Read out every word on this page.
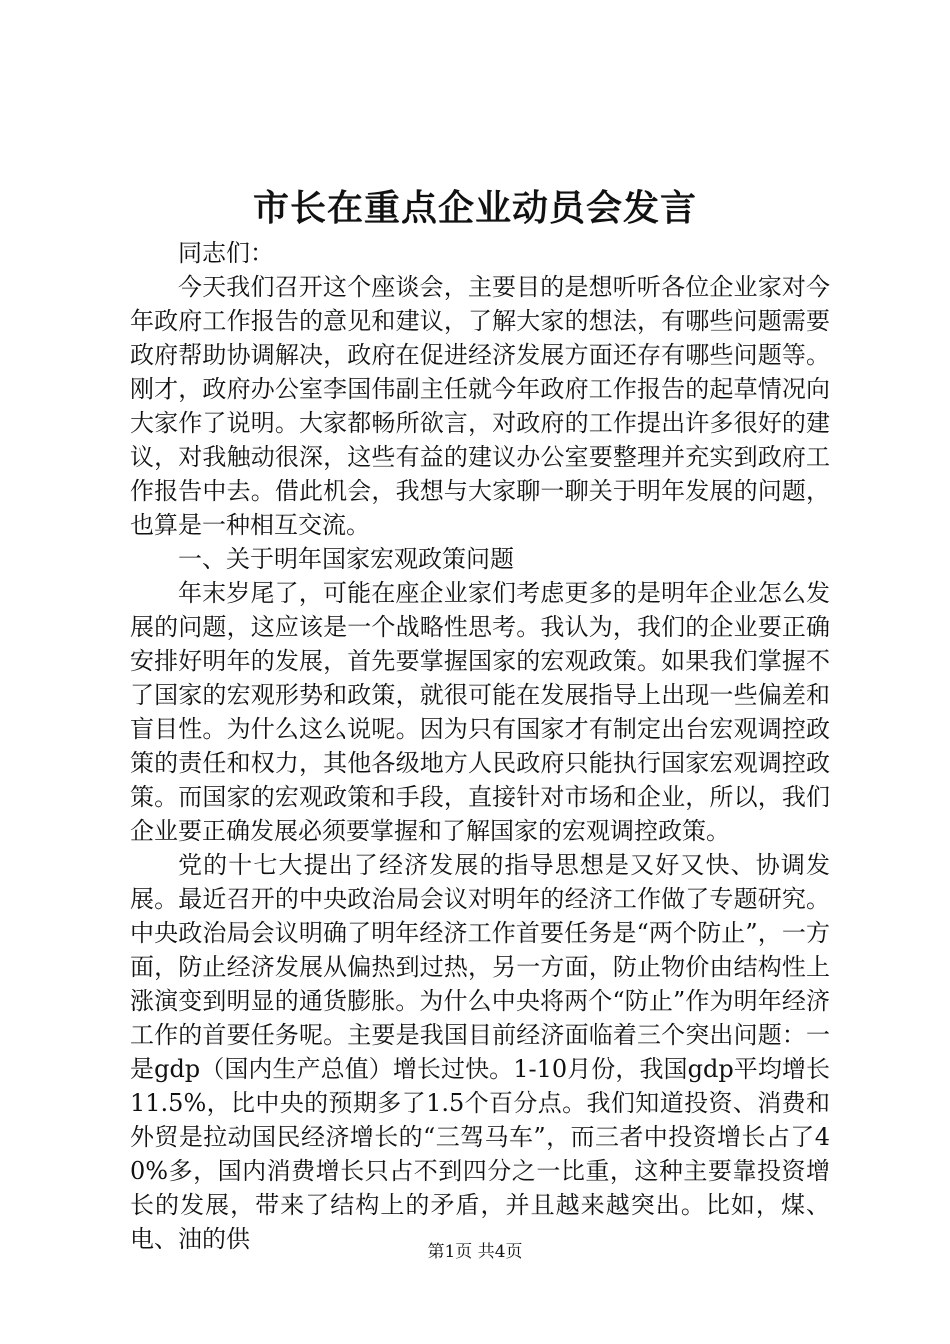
市长在重点企业动员会发言

同志们：

今天我们召开这个座谈会，主要目的是想听听各位企业家对今年政府工作报告的意见和建议，了解大家的想法，有哪些问题需要政府帮助协调解决，政府在促进经济发展方面还存有哪些问题等。刚才，政府办公室李国伟副主任就今年政府工作报告的起草情况向大家作了说明。大家都畅所欲言，对政府的工作提出许多很好的建议，对我触动很深，这些有益的建议办公室要整理并充实到政府工作报告中去。借此机会，我想与大家聊一聊关于明年发展的问题，也算是一种相互交流。

一、关于明年国家宏观政策问题

年末岁尾了，可能在座企业家们考虑更多的是明年企业怎么发展的问题，这应该是一个战略性思考。我认为，我们的企业要正确安排好明年的发展，首先要掌握国家的宏观政策。如果我们掌握不了国家的宏观形势和政策，就很可能在发展指导上出现一些偏差和盲目性。为什么这么说呢。因为只有国家才有制定出台宏观调控政策的责任和权力，其他各级地方人民政府只能执行国家宏观调控政策。而国家的宏观政策和手段，直接针对市场和企业，所以，我们企业要正确发展必须要掌握和了解国家的宏观调控政策。

党的十七大提出了经济发展的指导思想是又好又快、协调发展。最近召开的中央政治局会议对明年的经济工作做了专题研究。中央政治局会议明确了明年经济工作首要任务是“两个防止”，一方面，防止经济发展从偏热到过热，另一方面，防止物价由结构性上涨演变到明显的通货膨胀。为什么中央将两个“防止”作为明年经济工作的首要任务呢。主要是我国目前经济面临着三个突出问题：一是gdp（国内生产总值）增长过快。1-10月份，我国gdp平均增长11.5%，比中央的预期多了1.5个百分点。我们知道投资、消费和外贸是拉动国民经济增长的“三驾马车”，而三者中投资增长占了40%多，国内消费增长只占不到四分之一比重，这种主要靠投资增长的发展，带来了结构上的矛盾，并且越来越突出。比如，煤、电、油的供	第1页 共4页
